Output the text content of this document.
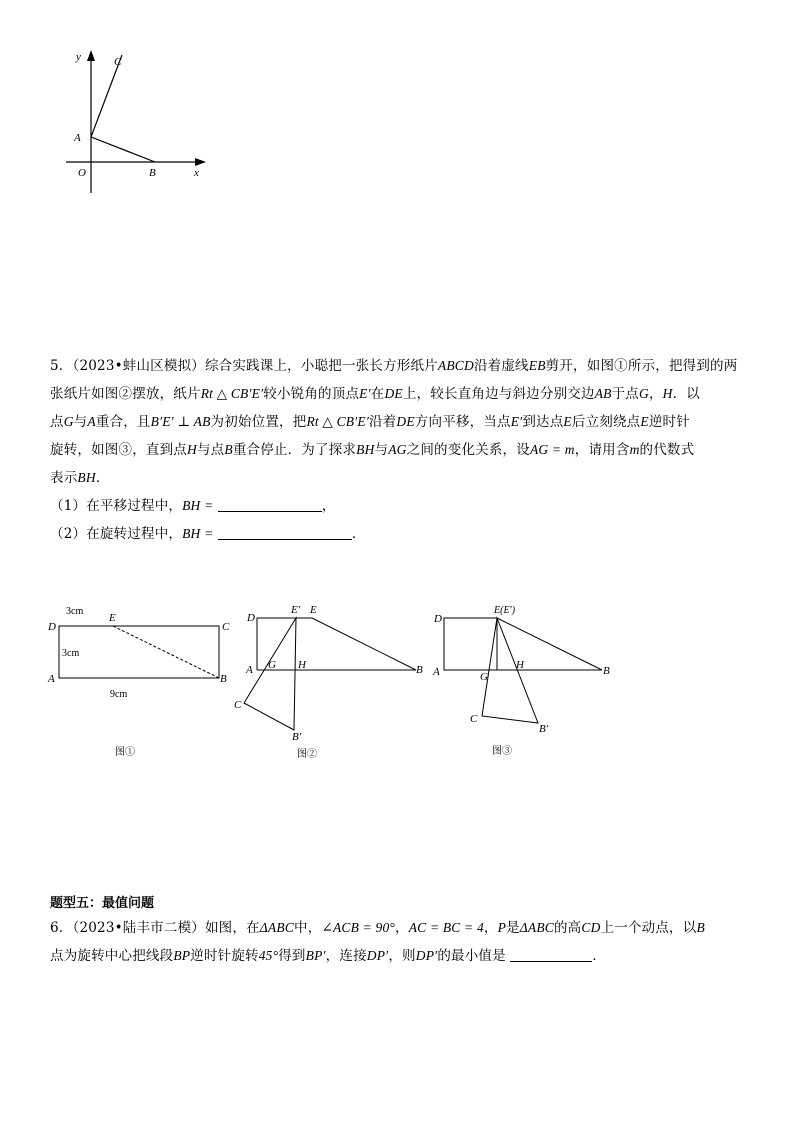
y	C
A
O	B	x
5．（2023•蚌山区模拟）综合实践课上，小聪把一张长方形纸片ABCD沿着虚线EB剪开，如图①所示，把得到的两
张纸片如图②摆放，纸片Rt △ CB′E′较小锐角的顶点E′在DE上，较长直角边与斜边分别交边AB于点G，H．以
点G与A重合，且B′E′ ⊥ AB为初始位置，把Rt △ CB′E′沿着DE方向平移，当点E′到达点E后立刻绕点E逆时针
旋转，如图③，直到点H与点B重合停止．为了探求BH与AG之间的变化关系，设AG = m，请用含m的代数式
表示BH．
（1）在平移过程中，BH =	，
（2）在旋转过程中，BH =	．
3cm
3cm
9cm
D
E
C
A	B
图①
D
E′ E
A G H	B
C
B′
图②
D
E(E′)
A	G
H	B
C
B′
图③
题型五：最值问题
6．（2023•陆丰市二模）如图，在ΔABC中，∠ACB = 90°，AC = BC = 4，P是ΔABC的高CD上一个动点，以B
点为旋转中心把线段BP逆时针旋转45°得到BP′，连接DP′，则DP′的最小值是	．
